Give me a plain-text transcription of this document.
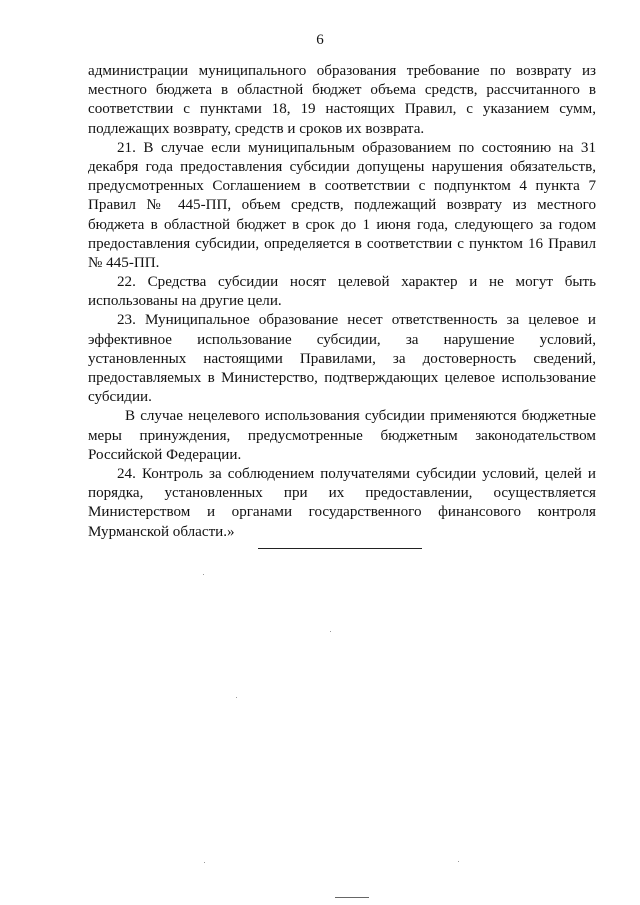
6
администрации муниципального образования требование по возврату из
местного бюджета в областной бюджет объема средств, рассчитанного в
соответствии с пунктами 18, 19 настоящих Правил, с указанием сумм,
подлежащих возврату, средств и сроков их возврата.
21. В случае если муниципальным образованием по состоянию на 31
декабря года предоставления субсидии допущены нарушения обязательств,
предусмотренных Соглашением в соответствии с подпунктом 4 пункта 7
Правил № 445-ПП, объем средств, подлежащий возврату из местного
бюджета в областной бюджет в срок до 1 июня года, следующего за годом
предоставления субсидии, определяется в соответствии с пунктом 16 Правил
№ 445-ПП.
22. Средства субсидии носят целевой характер и не могут быть
использованы на другие цели.
23. Муниципальное образование несет ответственность за целевое и
эффективное использование субсидии, за нарушение условий,
установленных настоящими Правилами, за достоверность сведений,
предоставляемых в Министерство, подтверждающих целевое использование
субсидии.
В случае нецелевого использования субсидии применяются бюджетные
меры принуждения, предусмотренные бюджетным законодательством
Российской Федерации.
24. Контроль за соблюдением получателями субсидии условий, целей и
порядка, установленных при их предоставлении, осуществляется
Министерством и органами государственного финансового контроля
Мурманской области.»
